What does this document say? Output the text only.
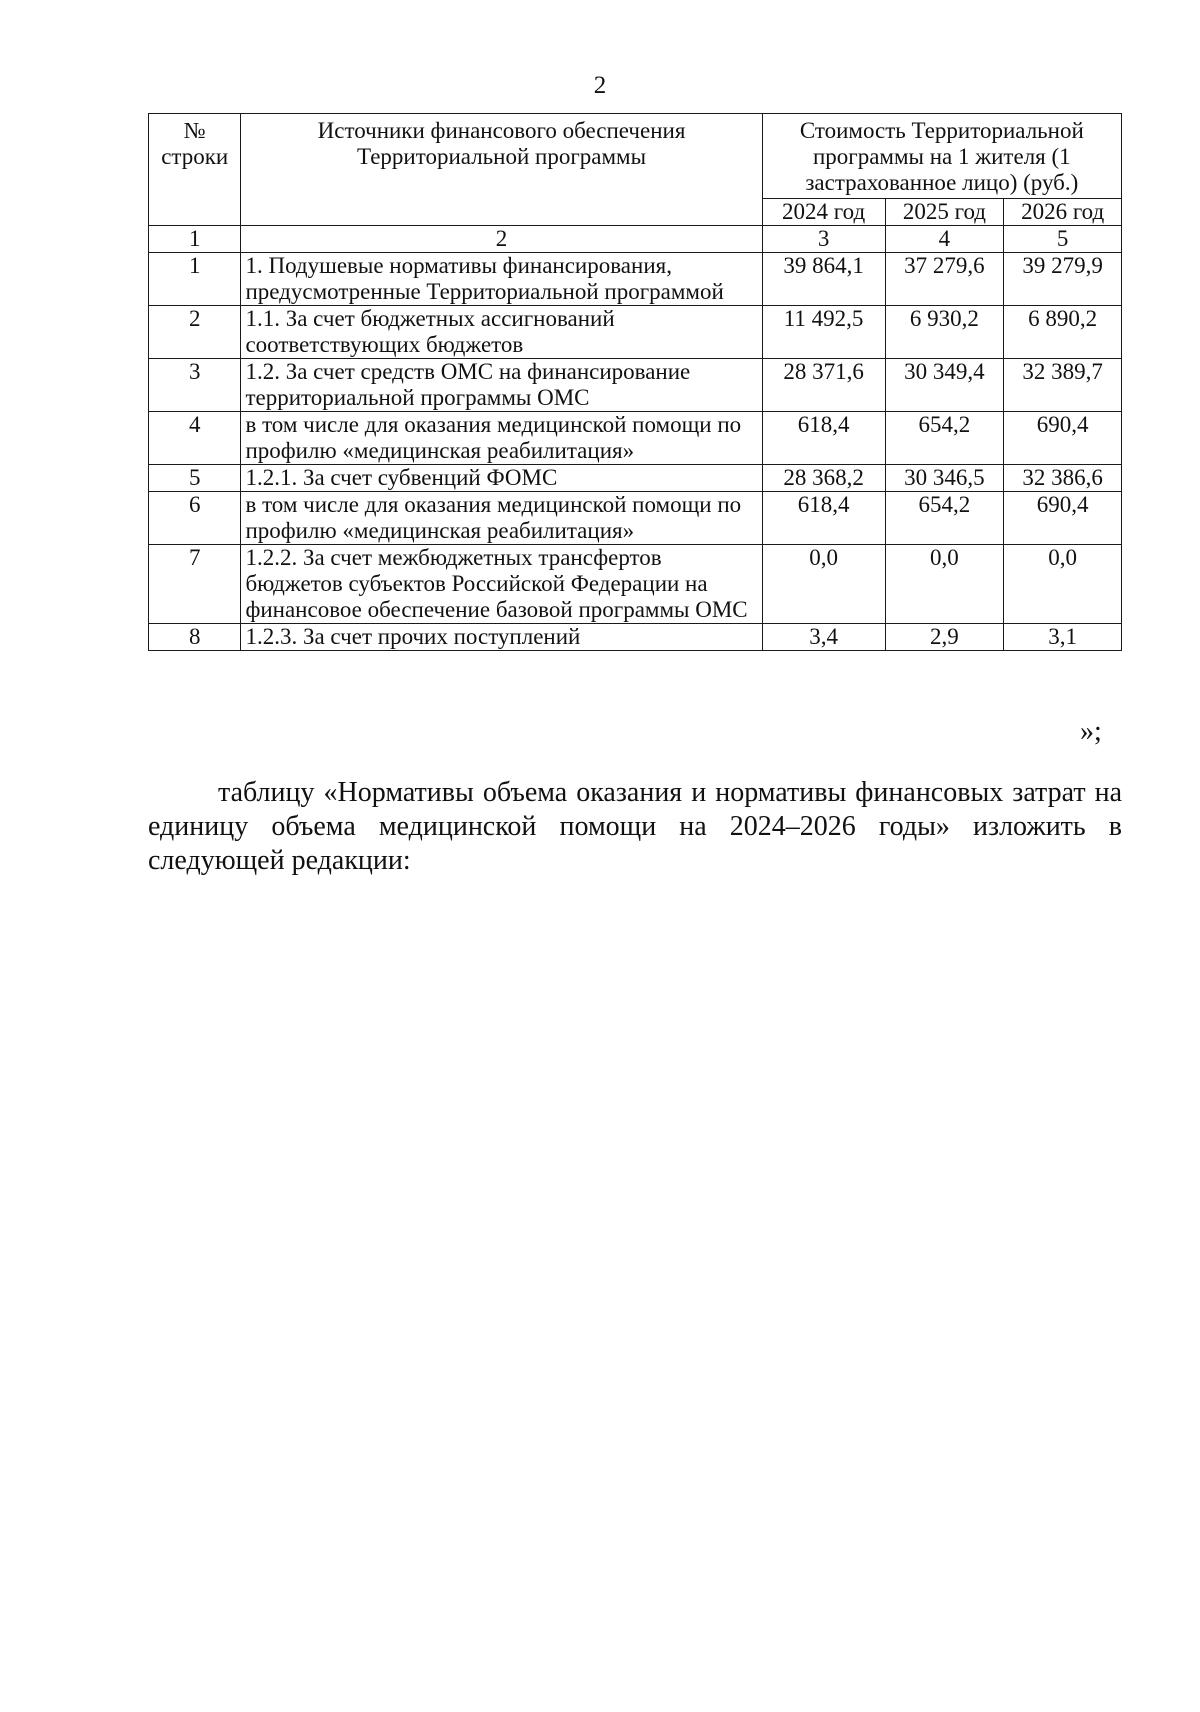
2
№ строки	Источники финансового обеспечения Территориальной программы	Стоимость Территориальной программы на 1 жителя (1 застрахованное лицо) (руб.)		
		2024 год	2025 год	2026 год
1	2	3	4	5
1	1. Подушевые нормативы финансирования, предусмотренные Территориальной программой	39 864,1	37 279,6	39 279,9
2	1.1. За счет бюджетных ассигнований соответствующих бюджетов	11 492,5	6 930,2	6 890,2
3	1.2. За счет средств ОМС на финансирование территориальной программы ОМС	28 371,6	30 349,4	32 389,7
4	в том числе для оказания медицинской помощи по профилю «медицинская реабилитация»	618,4	654,2	690,4
5	1.2.1. За счет субвенций ФОМС	28 368,2	30 346,5	32 386,6
6	в том числе для оказания медицинской помощи по профилю «медицинская реабилитация»	618,4	654,2	690,4
7	1.2.2. За счет межбюджетных трансфертов бюджетов субъектов Российской Федерации на финансовое обеспечение базовой программы ОМС	0,0	0,0	0,0
8	1.2.3. За счет прочих поступлений	3,4	2,9	3,1
»;

таблицу «Нормативы объема оказания и нормативы финансовых затрат на единицу объема медицинской помощи на 2024–2026 годы» изложить в следующей редакции:
